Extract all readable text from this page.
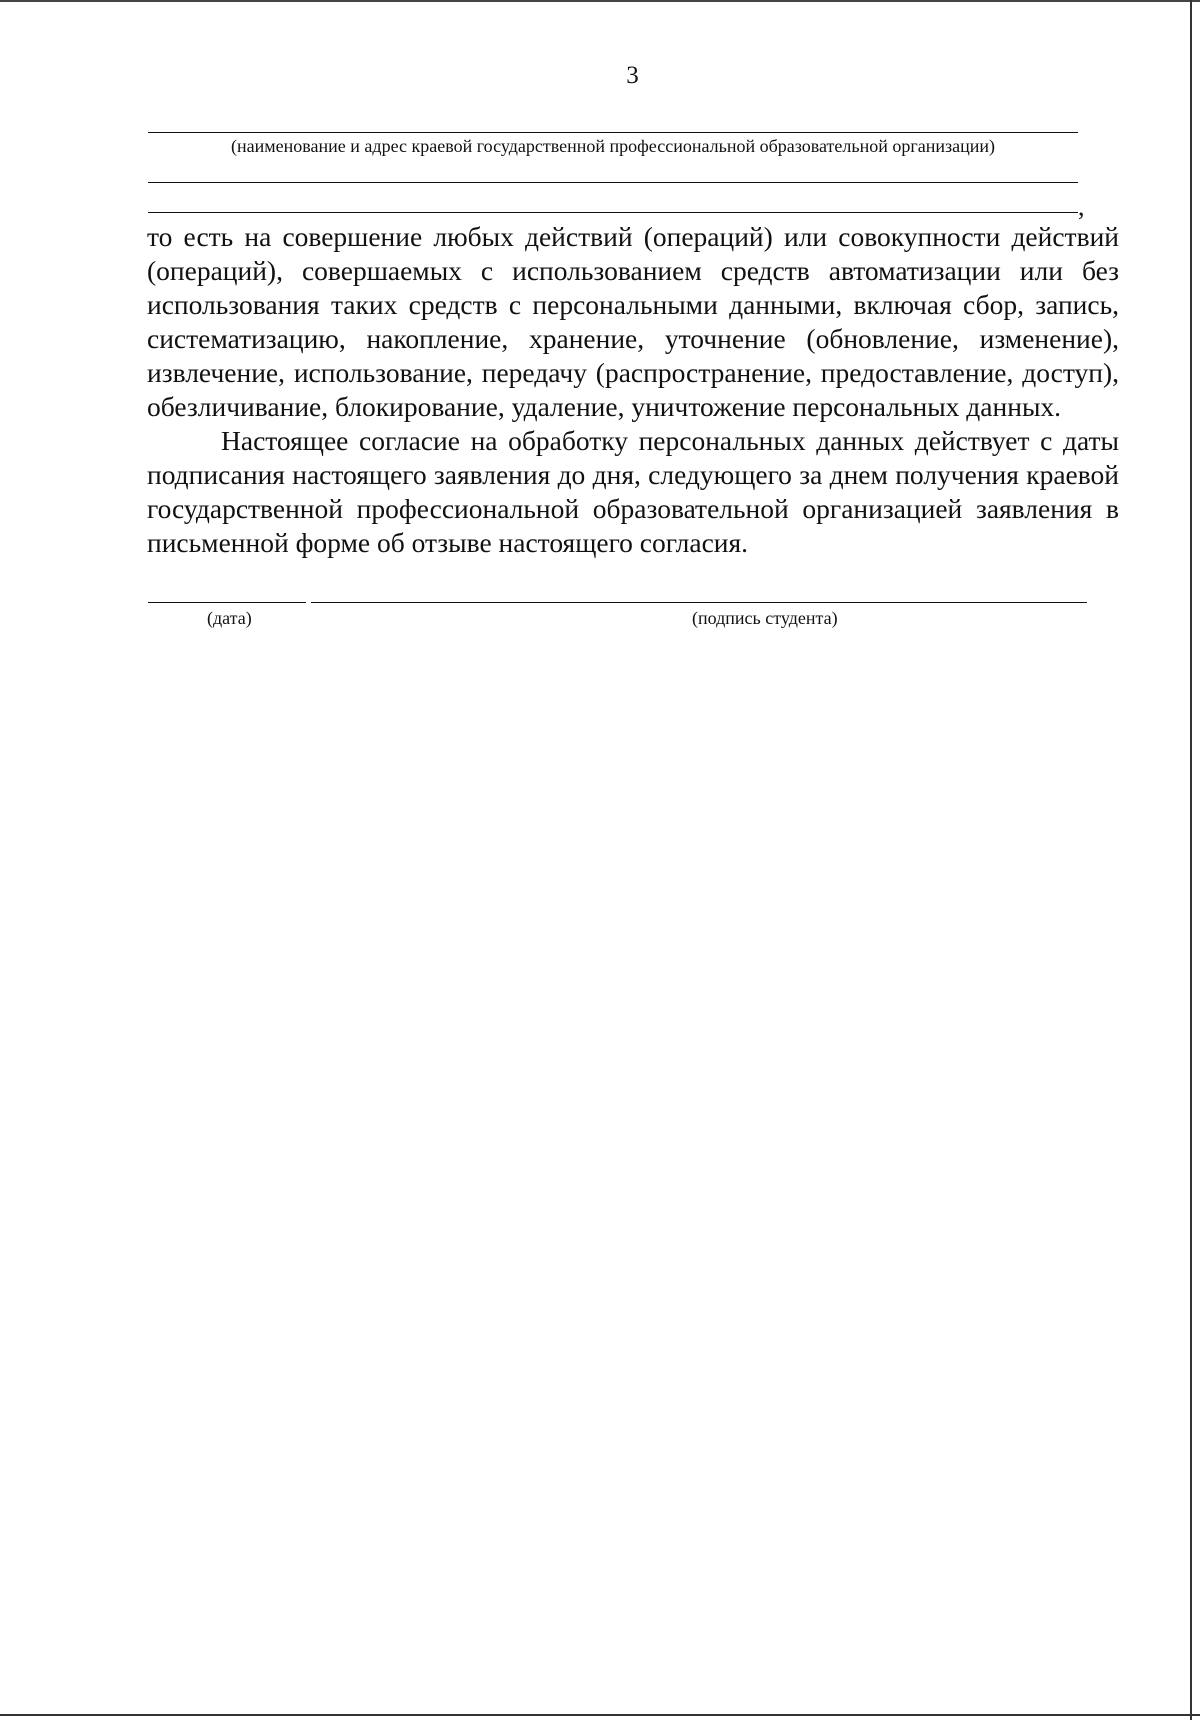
3
(наименование и адрес краевой государственной профессиональной образовательной организации)
,

то есть на совершение любых действий (операций) или совокупности действий (операций), совершаемых с использованием средств автоматизации или без использования таких средств с персональными данными, включая сбор, запись, систематизацию, накопление, хранение, уточнение (обновление, изменение), извлечение, использование, передачу (распространение, предоставление, доступ), обезличивание, блокирование, удаление, уничтожение персональных данных.

Настоящее согласие на обработку персональных данных действует с даты подписания настоящего заявления до дня, следующего за днем получения краевой государственной профессиональной образовательной организацией заявления в письменной форме об отзыве настоящего согласия.

(дата)	(подпись студента)
